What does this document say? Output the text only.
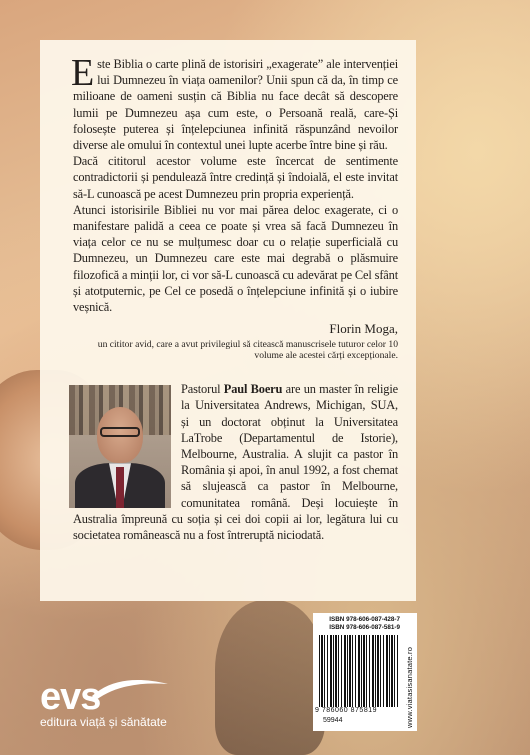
Este Biblia o carte plină de istorisiri „exagerate” ale intervenției lui Dumnezeu în viața oamenilor? Unii spun că da, în timp ce milioane de oameni susțin că Biblia nu face decât să descopere lumii pe Dumnezeu așa cum este, o Persoană reală, care-Și folosește puterea și înțelepciunea infinită răspunzând nevoilor diverse ale omului în contextul unei lupte acerbe între bine și rău.

Dacă cititorul acestor volume este încercat de sentimente contradictorii și pendulează între credință și îndoială, el este invitat să-L cunoască pe acest Dumnezeu prin propria experiență.

Atunci istorisirile Bibliei nu vor mai părea deloc exagerate, ci o manifestare palidă a ceea ce poate și vrea să facă Dumnezeu în viața celor ce nu se mulțumesc doar cu o relație superficială cu Dumnezeu, un Dumnezeu care este mai degrabă o plăsmuire filozofică a minții lor, ci vor să-L cunoască cu adevărat pe Cel sfânt și atotputernic, pe Cel ce posedă o înțelepciune infinită și o iubire veșnică.

Florin Moga,
un cititor avid, care a avut privilegiul să citească manuscrisele tuturor celor 10 volume ale acestei cărți excepționale.

Pastorul Paul Boeru are un master în religie la Universitatea Andrews, Michigan, SUA, și un doctorat obținut la Universitatea LaTrobe (Departamentul de Istorie), Melbourne, Australia. A slujit ca pastor în România și apoi, în anul 1992, a fost chemat să slujească ca pastor în Melbourne, comunitatea română. Deși locuiește în Australia împreună cu soția și cei doi copii ai lor, legătura lui cu societatea românească nu a fost întreruptă niciodată.

ISBN 978-606-087-428-7
ISBN 978-606-087-581-9
9 786060 875819
59944	www.viatasisanatate.ro
evs
editura viață și sănătate
